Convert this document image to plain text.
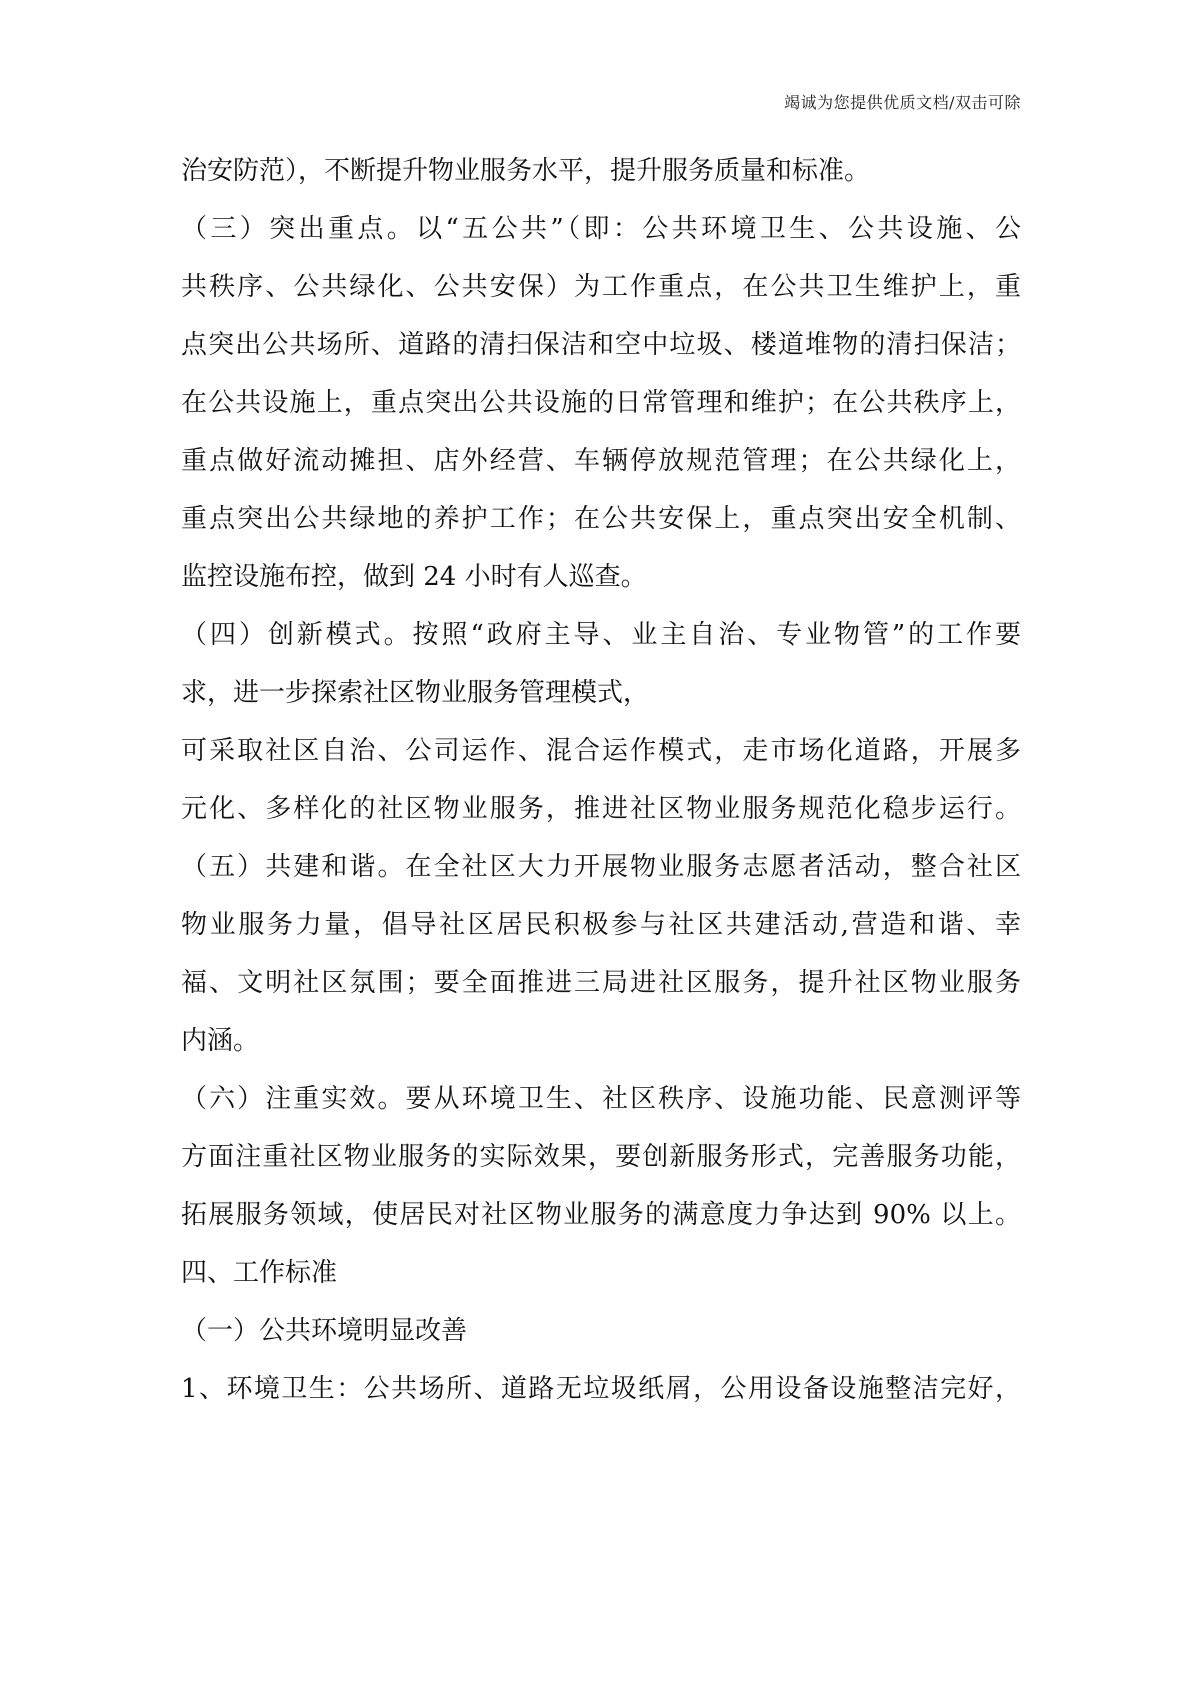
竭诚为您提供优质文档/双击可除
治安防范），不断提升物业服务水平，提升服务质量和标准。
（三）突出重点。以“五公共”（即：公共环境卫生、公共设施、公
共秩序、公共绿化、公共安保）为工作重点，在公共卫生维护上，重
点突出公共场所、道路的清扫保洁和空中垃圾、楼道堆物的清扫保洁；
在公共设施上，重点突出公共设施的日常管理和维护；在公共秩序上，
重点做好流动摊担、店外经营、车辆停放规范管理；在公共绿化上，
重点突出公共绿地的养护工作；在公共安保上，重点突出安全机制、
监控设施布控，做到 24 小时有人巡查。
（四）创新模式。按照“政府主导、业主自治、专业物管”的工作要
求，进一步探索社区物业服务管理模式，
可采取社区自治、公司运作、混合运作模式，走市场化道路，开展多
元化、多样化的社区物业服务，推进社区物业服务规范化稳步运行。
（五）共建和谐。在全社区大力开展物业服务志愿者活动，整合社区
物业服务力量，倡导社区居民积极参与社区共建活动,营造和谐、幸
福、文明社区氛围；要全面推进三局进社区服务，提升社区物业服务
内涵。
（六）注重实效。要从环境卫生、社区秩序、设施功能、民意测评等
方面注重社区物业服务的实际效果，要创新服务形式，完善服务功能，
拓展服务领域，使居民对社区物业服务的满意度力争达到 90% 以上。
四、工作标准
（一）公共环境明显改善
1、环境卫生：公共场所、道路无垃圾纸屑，公用设备设施整洁完好，
